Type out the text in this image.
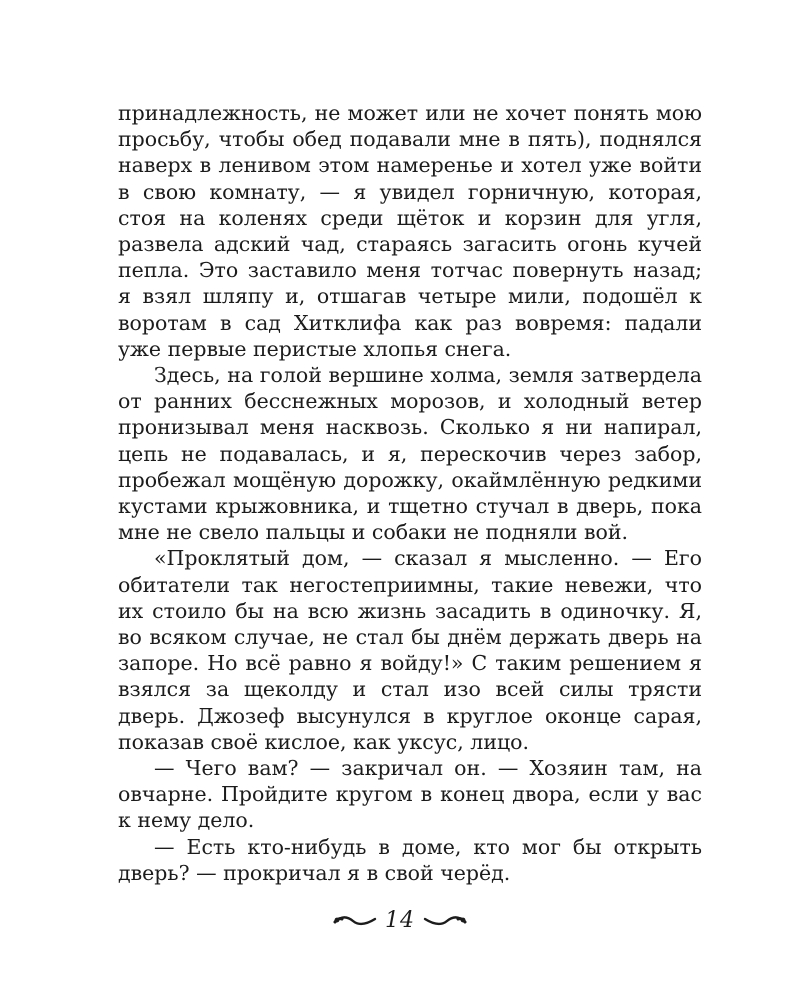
принадлежность, не может или не хочет понять мою просьбу, чтобы обед подавали мне в пять), поднялся наверх в ленивом этом намеренье и хотел уже войти в свою комнату, — я увидел горничную, которая, стоя на коленях среди щёток и корзин для угля, развела адский чад, стараясь загасить огонь кучей пепла. Это заставило меня тотчас повернуть назад; я взял шляпу и, отшагав четыре мили, подошёл к воротам в сад Хитклифа как раз вовремя: падали уже первые перистые хлопья снега.

Здесь, на голой вершине холма, земля затвердела от ранних бесснежных морозов, и холодный ветер пронизывал меня насквозь. Сколько я ни напирал, цепь не подавалась, и я, перескочив через забор, пробежал мощёную дорожку, окаймлённую редкими кустами крыжовника, и тщетно стучал в дверь, пока мне не свело пальцы и собаки не подняли вой.

«Проклятый дом, — сказал я мысленно. — Его обитатели так негостеприимны, такие невежи, что их стоило бы на всю жизнь засадить в одиночку. Я, во всяком случае, не стал бы днём держать дверь на запоре. Но всё равно я войду!» С таким решением я взялся за щеколду и стал изо всей силы трясти дверь. Джозеф высунулся в круглое оконце сарая, показав своё кислое, как уксус, лицо.

— Чего вам? — закричал он. — Хозяин там, на овчарне. Пройдите кругом в конец двора, если у вас к нему дело.

— Есть кто-нибудь в доме, кто мог бы открыть дверь? — прокричал я в свой черёд.

14
